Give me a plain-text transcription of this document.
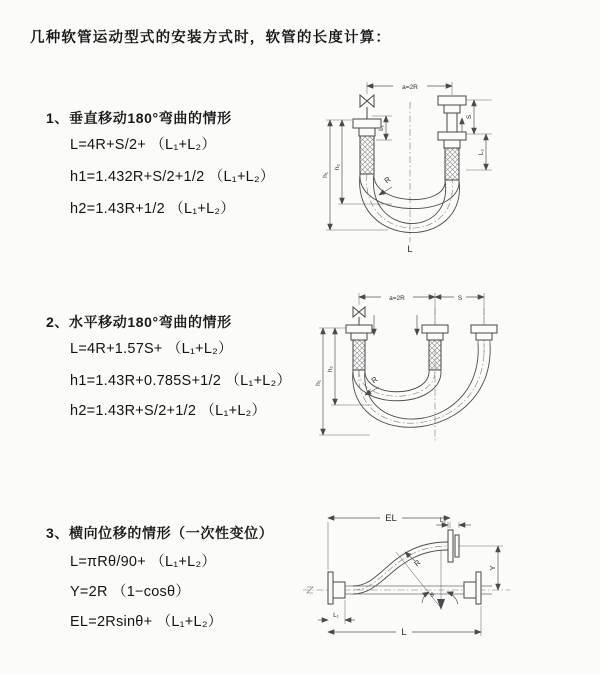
几种软管运动型式的安装方式时，软管的长度计算：
1、垂直移动180°弯曲的情形
L=4R+S/2+ （L₁+L₂）
h1=1.432R+S/2+1/2 （L₁+L₂）
h2=1.43R+1/2 （L₁+L₂）
2、水平移动180°弯曲的情形
L=4R+1.57S+ （L₁+L₂）
h1=1.43R+0.785S+1/2 （L₁+L₂）
h2=1.43R+S/2+1/2 （L₁+L₂）
3、横向位移的情形（一次性变位）
L=πRθ/90+ （L₁+L₂）
Y=2R （1−cosθ）
EL=2Rsinθ+ （L₁+L₂）
a=2R
h₁
h₂
L₁
S
L₂
R
L
a=2R	S
h₁
h₂
R
EL	L₂
Y
θ
R
L
L₁
